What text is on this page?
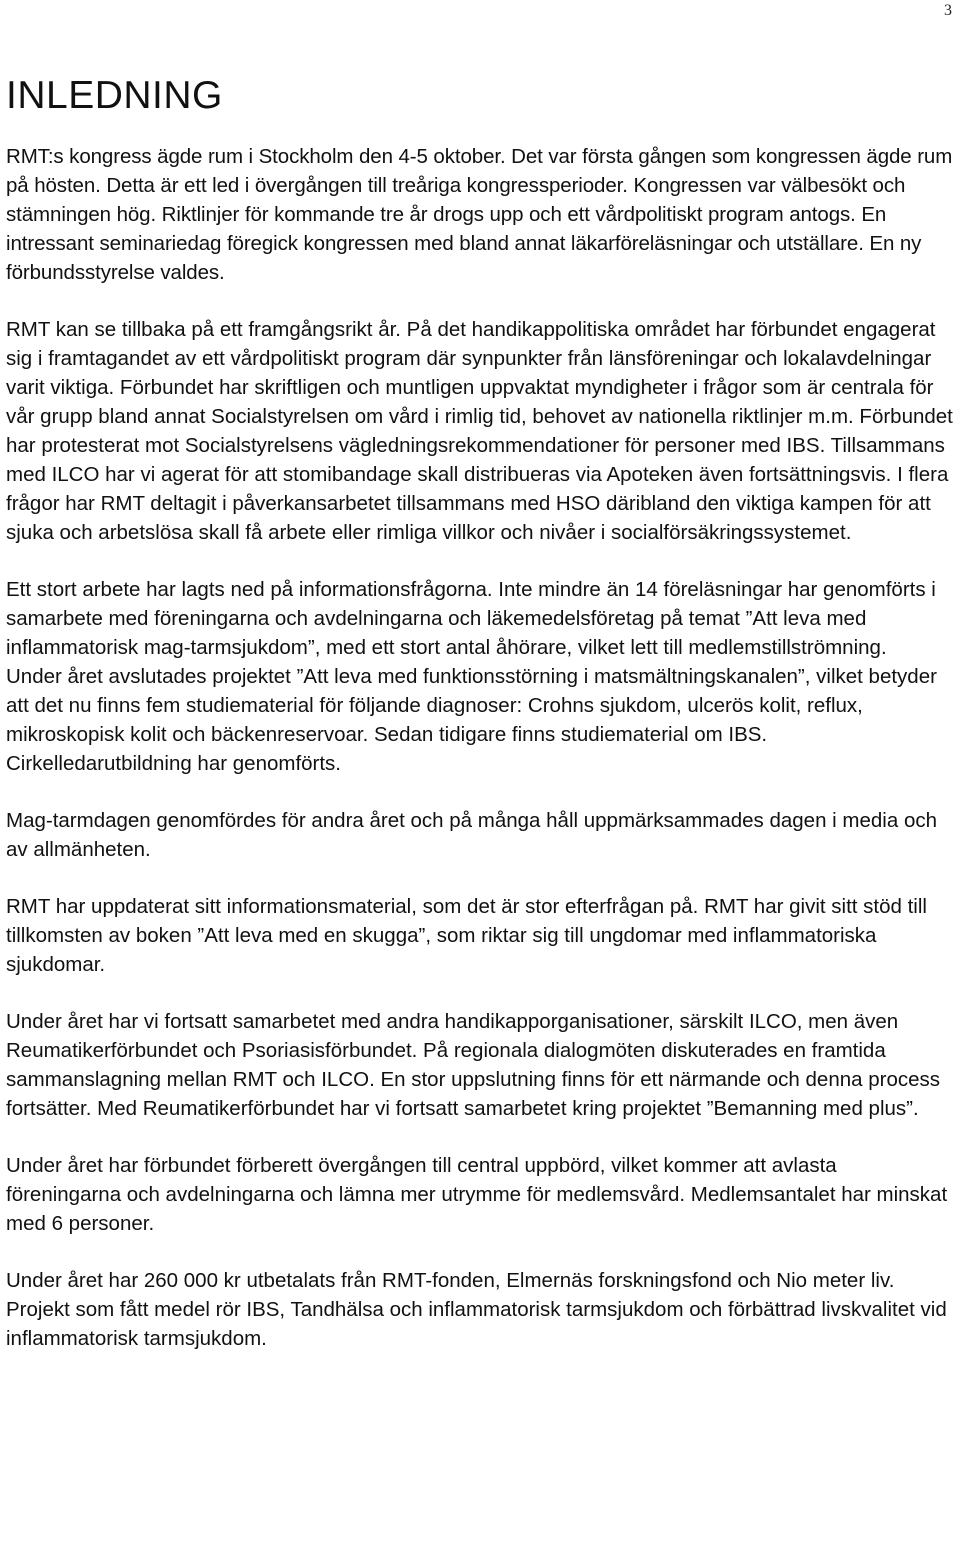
3
INLEDNING

RMT:s kongress ägde rum i Stockholm den 4-5 oktober. Det var första gången som kongressen ägde rum på hösten. Detta är ett led i övergången till treåriga kongressperioder. Kongressen var välbesökt och stämningen hög. Riktlinjer för kommande tre år drogs upp och ett vårdpolitiskt program antogs. En intressant seminariedag föregick kongressen med bland annat läkarföreläsningar och utställare. En ny förbundsstyrelse valdes.

RMT kan se tillbaka på ett framgångsrikt år. På det handikappolitiska området har förbundet engagerat sig i framtagandet av ett vårdpolitiskt program där synpunkter från länsföreningar och lokalavdelningar varit viktiga. Förbundet har skriftligen och muntligen uppvaktat myndigheter i frågor som är centrala för vår grupp bland annat Socialstyrelsen om vård i rimlig tid, behovet av nationella riktlinjer m.m. Förbundet har protesterat mot Socialstyrelsens vägledningsrekommendationer för personer med IBS. Tillsammans med ILCO har vi agerat för att stomibandage skall distribueras via Apoteken även fortsättningsvis. I flera frågor har RMT deltagit i påverkansarbetet tillsammans med HSO däribland den viktiga kampen för att sjuka och arbetslösa skall få arbete eller rimliga villkor och nivåer i socialförsäkringssystemet.

Ett stort arbete har lagts ned på informationsfrågorna. Inte mindre än 14 föreläsningar har genomförts i samarbete med föreningarna och avdelningarna och läkemedelsföretag på temat ”Att leva med inflammatorisk mag-tarmsjukdom”, med ett stort antal åhörare, vilket lett till medlemstillströmning.

Under året avslutades projektet ”Att leva med funktionsstörning i matsmältningskanalen”, vilket betyder att det nu finns fem studiematerial för följande diagnoser: Crohns sjukdom, ulcerös kolit, reflux, mikroskopisk kolit och bäckenreservoar. Sedan tidigare finns studiematerial om IBS. Cirkelledarutbildning har genomförts.

Mag-tarmdagen genomfördes för andra året och på många håll uppmärksammades dagen i media och av allmänheten.

RMT har uppdaterat sitt informationsmaterial, som det är stor efterfrågan på. RMT har givit sitt stöd till tillkomsten av boken ”Att leva med en skugga”, som riktar sig till ungdomar med inflammatoriska sjukdomar.

Under året har vi fortsatt samarbetet med andra handikapporganisationer, särskilt ILCO, men även Reumatikerförbundet och Psoriasisförbundet. På regionala dialogmöten diskuterades en framtida sammanslagning mellan RMT och ILCO. En stor uppslutning finns för ett närmande och denna process fortsätter. Med Reumatikerförbundet har vi fortsatt samarbetet kring projektet ”Bemanning med plus”.

Under året har förbundet förberett övergången till central uppbörd, vilket kommer att avlasta föreningarna och avdelningarna och lämna mer utrymme för medlemsvård. Medlemsantalet har minskat med 6 personer.

Under året har 260 000 kr utbetalats från RMT-fonden, Elmernäs forskningsfond och Nio meter liv. Projekt som fått medel rör IBS, Tandhälsa och inflammatorisk tarmsjukdom och förbättrad livskvalitet vid inflammatorisk tarmsjukdom.
